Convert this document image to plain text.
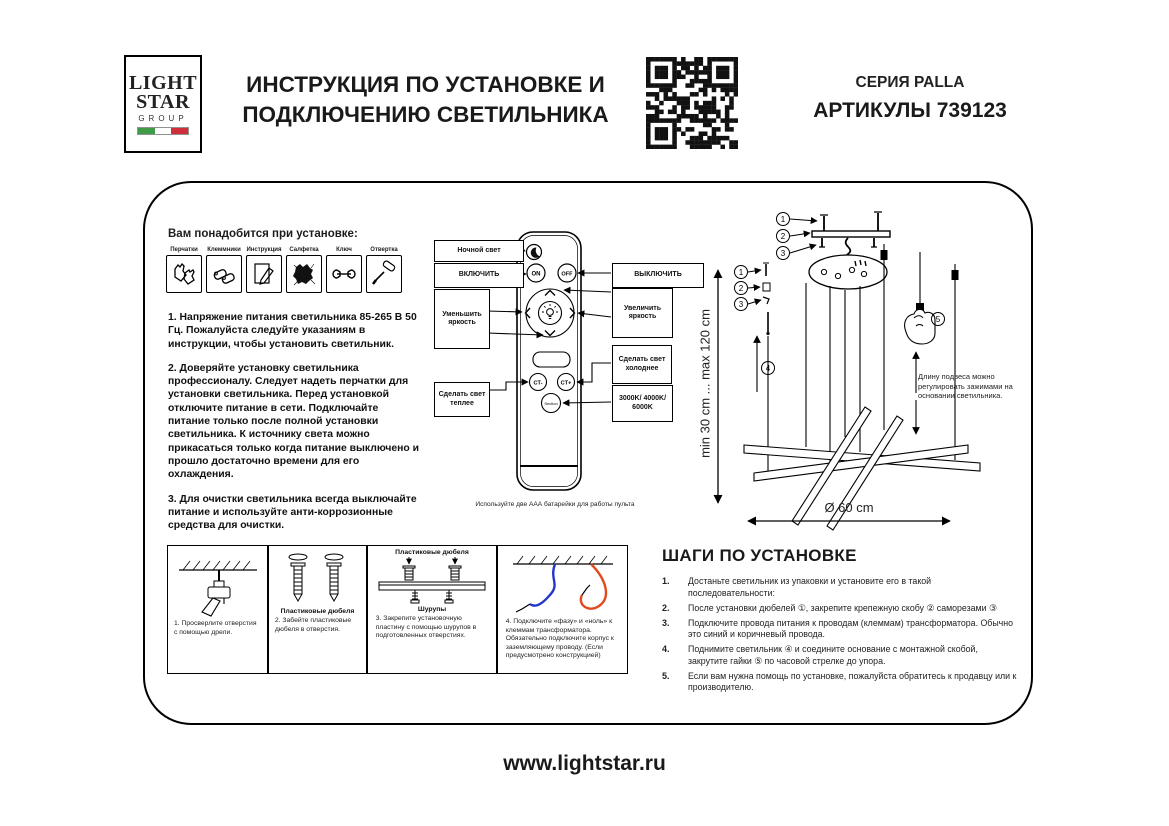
LIGHT
STAR
GROUP
ИНСТРУКЦИЯ ПО УСТАНОВКЕ И
ПОДКЛЮЧЕНИЮ СВЕТИЛЬНИКА
СЕРИЯ PALLA
АРТИКУЛЫ 739123
Вам понадобится при установке:
Перчатки Клеммники Инструкция Салфетка	Ключ	Отвертка

1. Напряжение питания светильника 85-265 В 50 Гц. Пожалуйста следуйте указаниям в инструкции, чтобы установить светильник.

2. Доверяйте установку светильника профессионалу. Следует надеть перчатки для установки светильника. Перед установкой отключите питание в сети. Подключайте питание только после полной установки светильника. К источнику света можно прикасаться только когда питание выключено и прошло достаточно времени для его охлаждения.

3. Для очистки светильника всегда выключайте питание и используйте анти-коррозионные средства для очистки.

ON	OFF
CT-	CT+
Section
Ночной свет
ВКЛЮЧИТЬ
Уменьшить яркость
Сделать свет теплее
ВЫКЛЮЧИТЬ
Увеличить яркость
Сделать свет холоднее
3000K/ 4000K/ 6000K
Используйте две ААА батарейки для работы пульта
1
2
3
1
2
3
4
5
Ø 60 cm
min 30 cm ... max 120 cm	Длину подвеса можно регулировать зажимами на основании светильника.
1. Просверлите отверстия с помощью дрели.
Пластиковые дюбеля
2. Забейте пластиковые дюбеля в отверстия.
Пластиковые дюбеля
Шурупы
3. Закрепите установочную пластину с помощью шурупов в подготовленных отверстиях.
4. Подключите «фазу» и «ноль» к клеммам трансформатора. Обязательно подключите корпус к заземляющему проводу. (Если предусмотрено конструкцией)
ШАГИ ПО УСТАНОВКЕ
1.	Достаньте светильник из упаковки и установите его в такой последовательности:
2.	После установки дюбелей ①, закрепите крепежную скобу ② саморезами ③
3.	Подключите провода питания к проводам (клеммам) трансформатора. Обычно это синий и коричневый провода.
4.	Поднимите светильник ④ и соедините основание с монтажной скобой, закрутите гайки ⑤ по часовой стрелке до упора.
5.	Если вам нужна помощь по установке, пожалуйста обратитесь к продавцу или к производителю.
www.lightstar.ru
